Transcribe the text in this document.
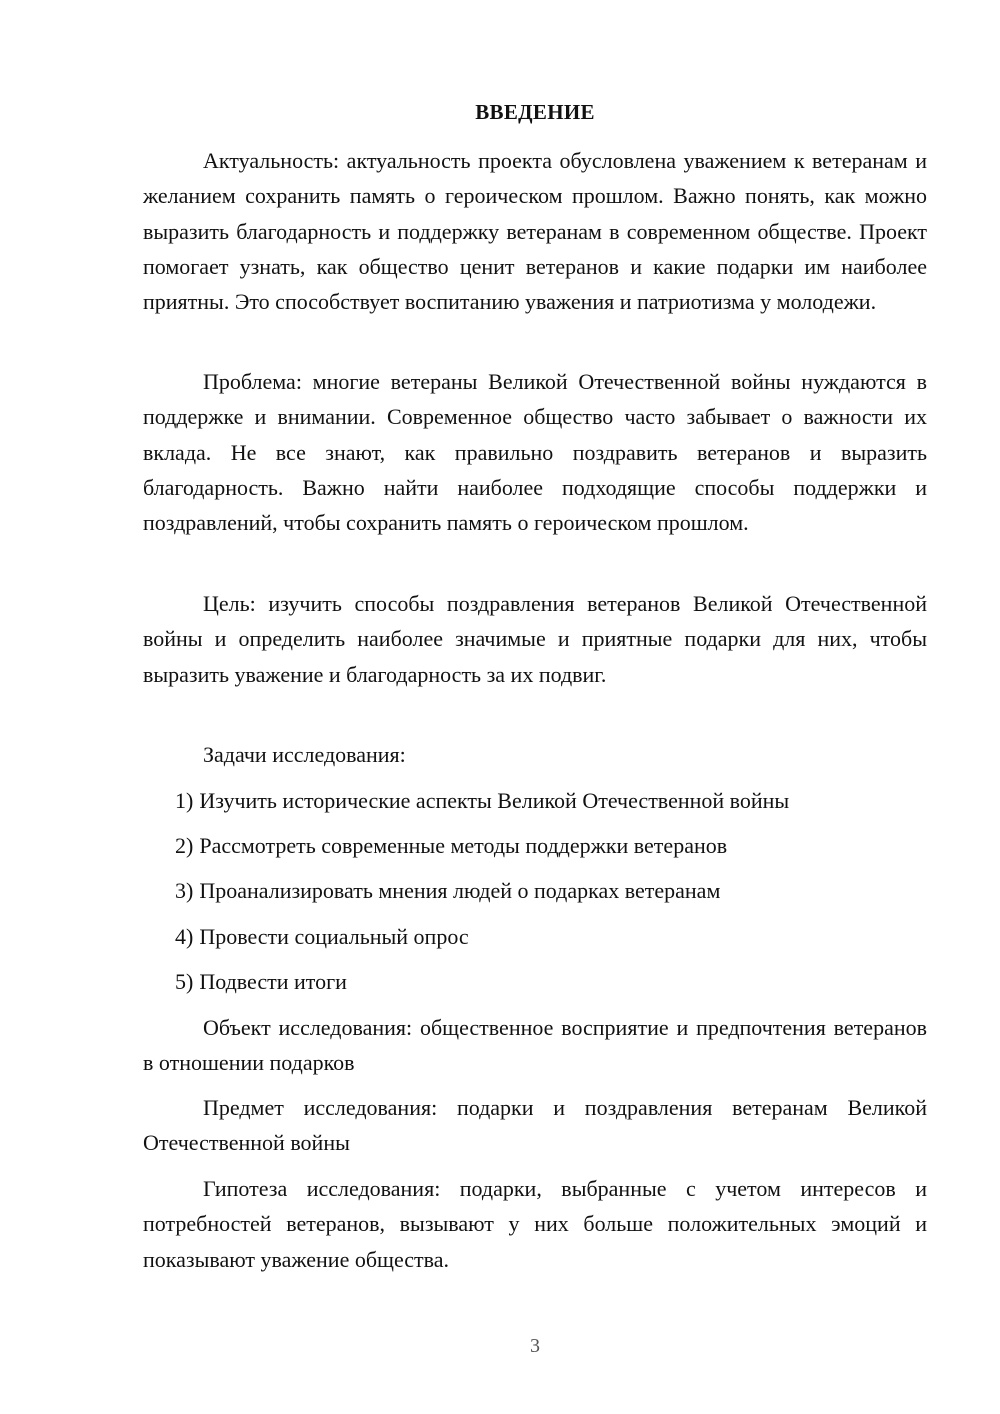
ВВЕДЕНИЕ

Актуальность: актуальность проекта обусловлена уважением к ветеранам и желанием сохранить память о героическом прошлом. Важно понять, как можно выразить благодарность и поддержку ветеранам в современном обществе. Проект помогает узнать, как общество ценит ветеранов и какие подарки им наиболее приятны. Это способствует воспитанию уважения и патриотизма у молодежи.

Проблема: многие ветераны Великой Отечественной войны нуждаются в поддержке и внимании. Современное общество часто забывает о важности их вклада. Не все знают, как правильно поздравить ветеранов и выразить благодарность. Важно найти наиболее подходящие способы поддержки и поздравлений, чтобы сохранить память о героическом прошлом.

Цель: изучить способы поздравления ветеранов Великой Отечественной войны и определить наиболее значимые и приятные подарки для них, чтобы выразить уважение и благодарность за их подвиг.

Задачи исследования:

1) Изучить исторические аспекты Великой Отечественной войны

2) Рассмотреть современные методы поддержки ветеранов

3) Проанализировать мнения людей о подарках ветеранам

4) Провести социальный опрос

5) Подвести итоги

Объект исследования: общественное восприятие и предпочтения ветеранов в отношении подарков

Предмет исследования: подарки и поздравления ветеранам Великой Отечественной войны

Гипотеза исследования: подарки, выбранные с учетом интересов и потребностей ветеранов, вызывают у них больше положительных эмоций и показывают уважение общества.

3
